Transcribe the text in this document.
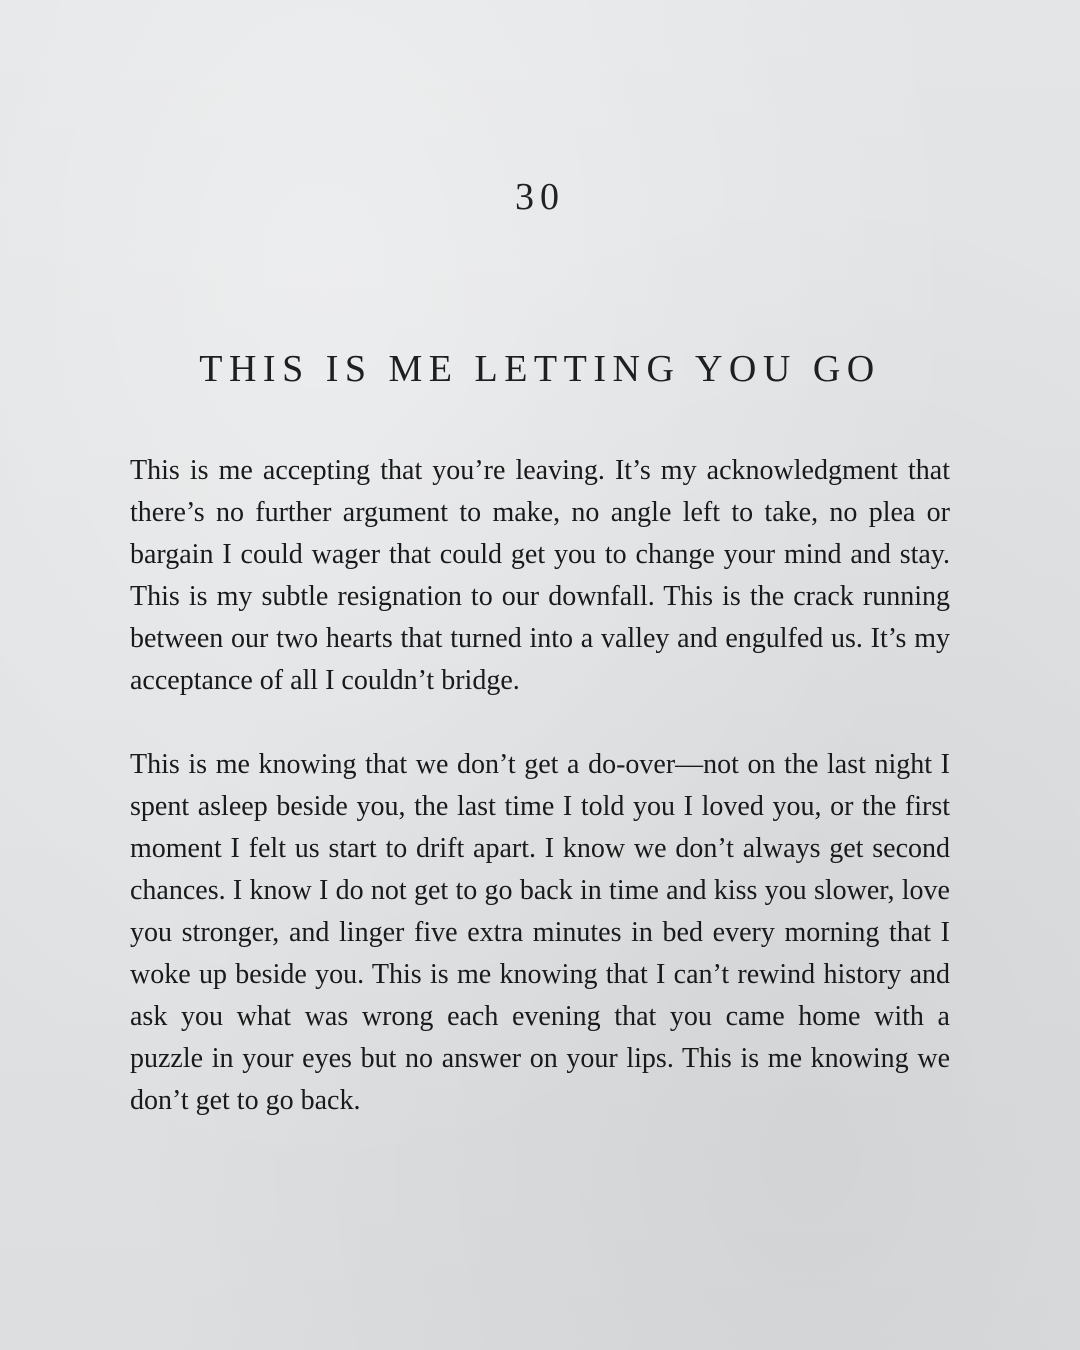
30
THIS IS ME LETTING YOU GO

This is me accepting that you’re leaving. It’s my acknowledgment that there’s no further argument to make, no angle left to take, no plea or bargain I could wager that could get you to change your mind and stay. This is my subtle resignation to our downfall. This is the crack running between our two hearts that turned into a valley and engulfed us. It’s my acceptance of all I couldn’t bridge.

This is me knowing that we don’t get a do-over—not on the last night I spent asleep beside you, the last time I told you I loved you, or the first moment I felt us start to drift apart. I know we don’t always get second chances. I know I do not get to go back in time and kiss you slower, love you stronger, and linger five extra minutes in bed every morning that I woke up beside you. This is me knowing that I can’t rewind history and ask you what was wrong each evening that you came home with a puzzle in your eyes but no answer on your lips. This is me knowing we don’t get to go back.
